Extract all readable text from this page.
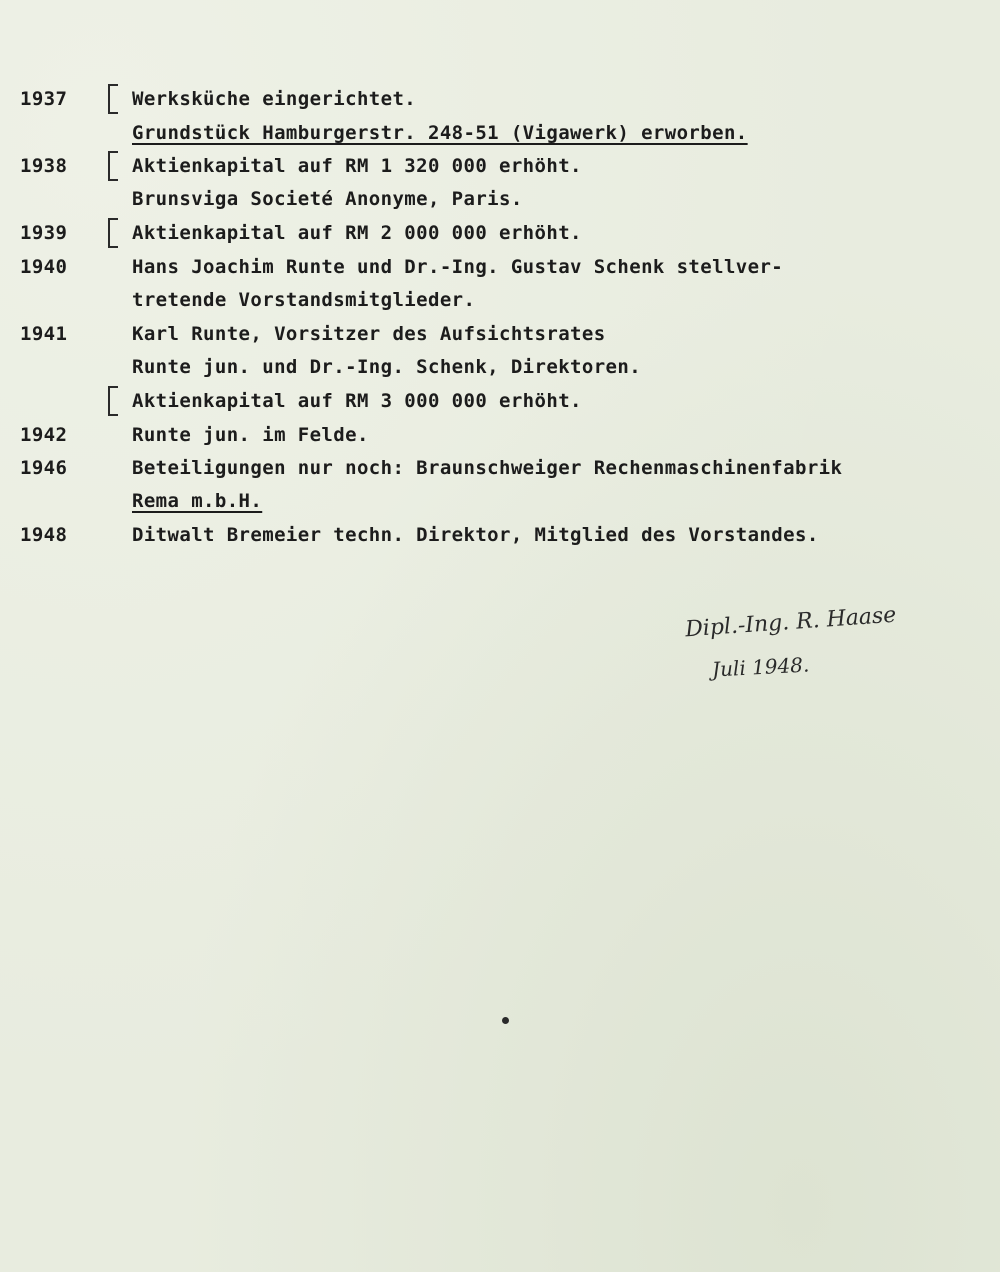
1937	Werksküche eingerichtet.
Grundstück Hamburgerstr. 248-51 (Vigawerk) erworben.
1938	Aktienkapital auf RM 1 320 000 erhöht.
Brunsviga Societé Anonyme, Paris.
1939	Aktienkapital auf RM 2 000 000 erhöht.
1940	Hans Joachim Runte und Dr.-Ing. Gustav Schenk stellver-
tretende Vorstandsmitglieder.
1941	Karl Runte, Vorsitzer des Aufsichtsrates
Runte jun. und Dr.-Ing. Schenk, Direktoren.
Aktienkapital auf RM 3 000 000 erhöht.
1942	Runte jun. im Felde.
1946	Beteiligungen nur noch: Braunschweiger Rechenmaschinenfabrik
Rema m.b.H.
1948	Ditwalt Bremeier techn. Direktor, Mitglied des Vorstandes.
Dipl.-Ing. R. Haase
Juli 1948.
